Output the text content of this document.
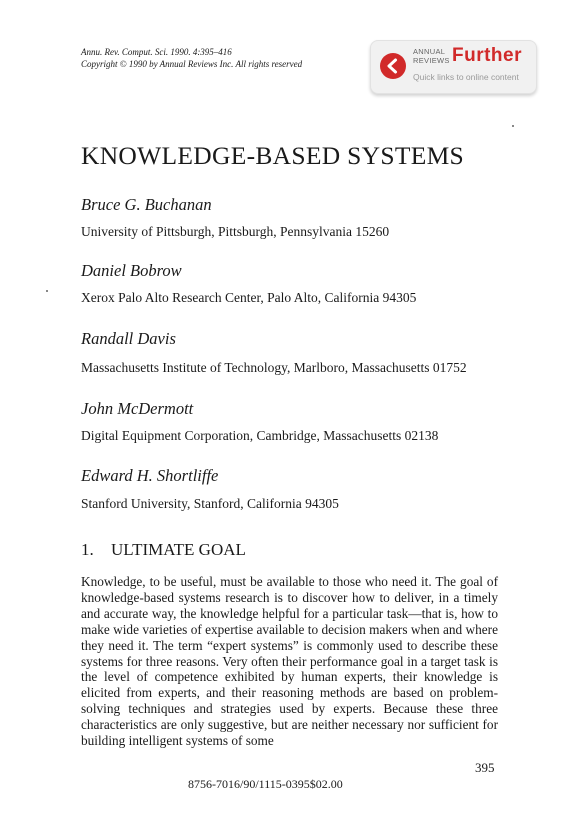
Annu. Rev. Comput. Sci. 1990. 4:395–416
Copyright © 1990 by Annual Reviews Inc. All rights reserved
ANNUAL REVIEWS Further
Quick links to online content
KNOWLEDGE-BASED SYSTEMS
Bruce G. Buchanan
University of Pittsburgh, Pittsburgh, Pennsylvania 15260
Daniel Bobrow
Xerox Palo Alto Research Center, Palo Alto, California 94305
Randall Davis
Massachusetts Institute of Technology, Marlboro, Massachusetts 01752
John McDermott
Digital Equipment Corporation, Cambridge, Massachusetts 02138
Edward H. Shortliffe
Stanford University, Stanford, California 94305
1. ULTIMATE GOAL
Knowledge, to be useful, must be available to those who need it. The goal of knowledge-based systems research is to discover how to deliver, in a timely and accurate way, the knowledge helpful for a particular task—that is, how to make wide varieties of expertise available to decision makers when and where they need it. The term “expert systems” is commonly used to describe these systems for three reasons. Very often their performance goal in a target task is the level of competence exhibited by human experts, their knowledge is elicited from experts, and their reasoning methods are based on problem-solving techniques and strategies used by experts. Because these three characteristics are only suggestive, but are neither necessary nor sufficient for building intelligent systems of some
395
8756-7016/90/1115-0395$02.00
